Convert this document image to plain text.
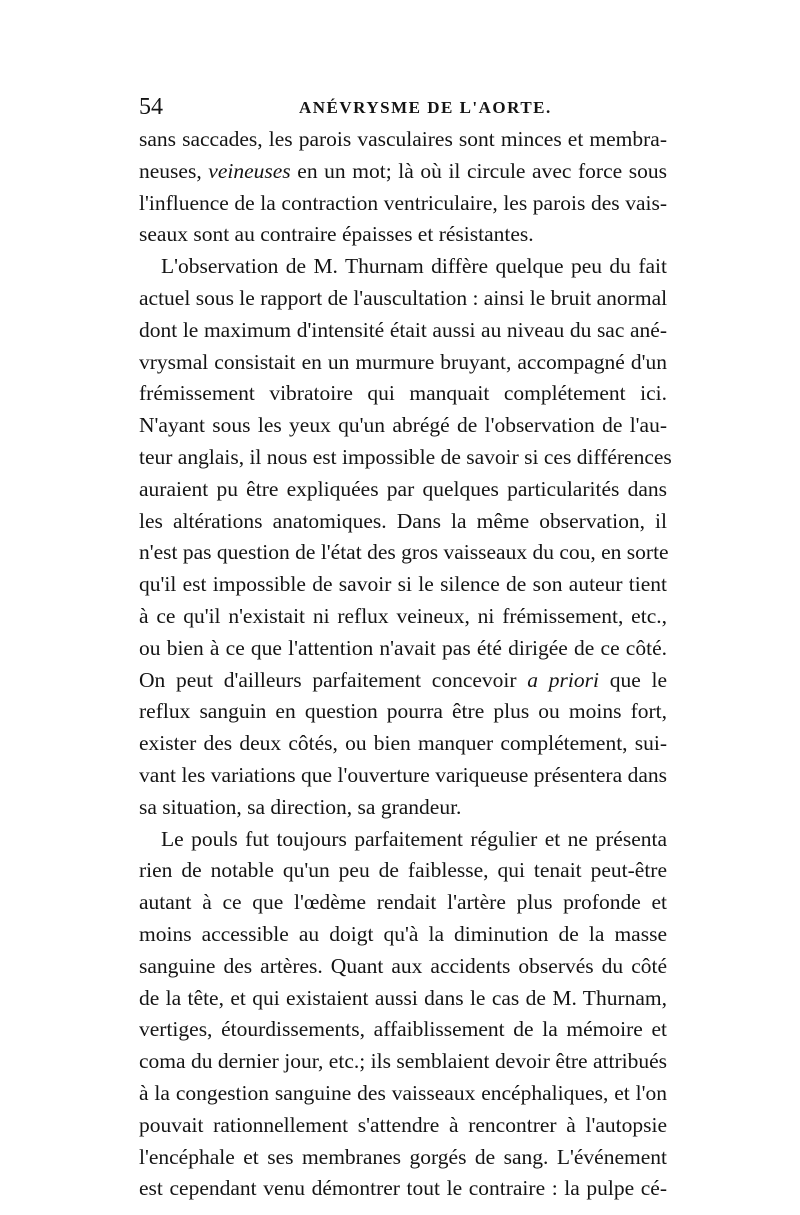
54	ANÉVRYSME DE L'AORTE.
sans saccades, les parois vasculaires sont minces et membra-
neuses, veineuses en un mot; là où il circule avec force sous
l'influence de la contraction ventriculaire, les parois des vais-
seaux sont au contraire épaisses et résistantes.
L'observation de M. Thurnam diffère quelque peu du fait
actuel sous le rapport de l'auscultation : ainsi le bruit anormal
dont le maximum d'intensité était aussi au niveau du sac ané-
vrysmal consistait en un murmure bruyant, accompagné d'un
frémissement vibratoire qui manquait complétement ici.
N'ayant sous les yeux qu'un abrégé de l'observation de l'au-
teur anglais, il nous est impossible de savoir si ces différences
auraient pu être expliquées par quelques particularités dans
les altérations anatomiques. Dans la même observation, il
n'est pas question de l'état des gros vaisseaux du cou, en sorte
qu'il est impossible de savoir si le silence de son auteur tient
à ce qu'il n'existait ni reflux veineux, ni frémissement, etc.,
ou bien à ce que l'attention n'avait pas été dirigée de ce côté.
On peut d'ailleurs parfaitement concevoir a priori que le
reflux sanguin en question pourra être plus ou moins fort,
exister des deux côtés, ou bien manquer complétement, sui-
vant les variations que l'ouverture variqueuse présentera dans
sa situation, sa direction, sa grandeur.
Le pouls fut toujours parfaitement régulier et ne présenta
rien de notable qu'un peu de faiblesse, qui tenait peut-être
autant à ce que l'œdème rendait l'artère plus profonde et
moins accessible au doigt qu'à la diminution de la masse
sanguine des artères. Quant aux accidents observés du côté
de la tête, et qui existaient aussi dans le cas de M. Thurnam,
vertiges, étourdissements, affaiblissement de la mémoire et
coma du dernier jour, etc.; ils semblaient devoir être attribués
à la congestion sanguine des vaisseaux encéphaliques, et l'on
pouvait rationnellement s'attendre à rencontrer à l'autopsie
l'encéphale et ses membranes gorgés de sang. L'événement
est cependant venu démontrer tout le contraire : la pulpe cé-
